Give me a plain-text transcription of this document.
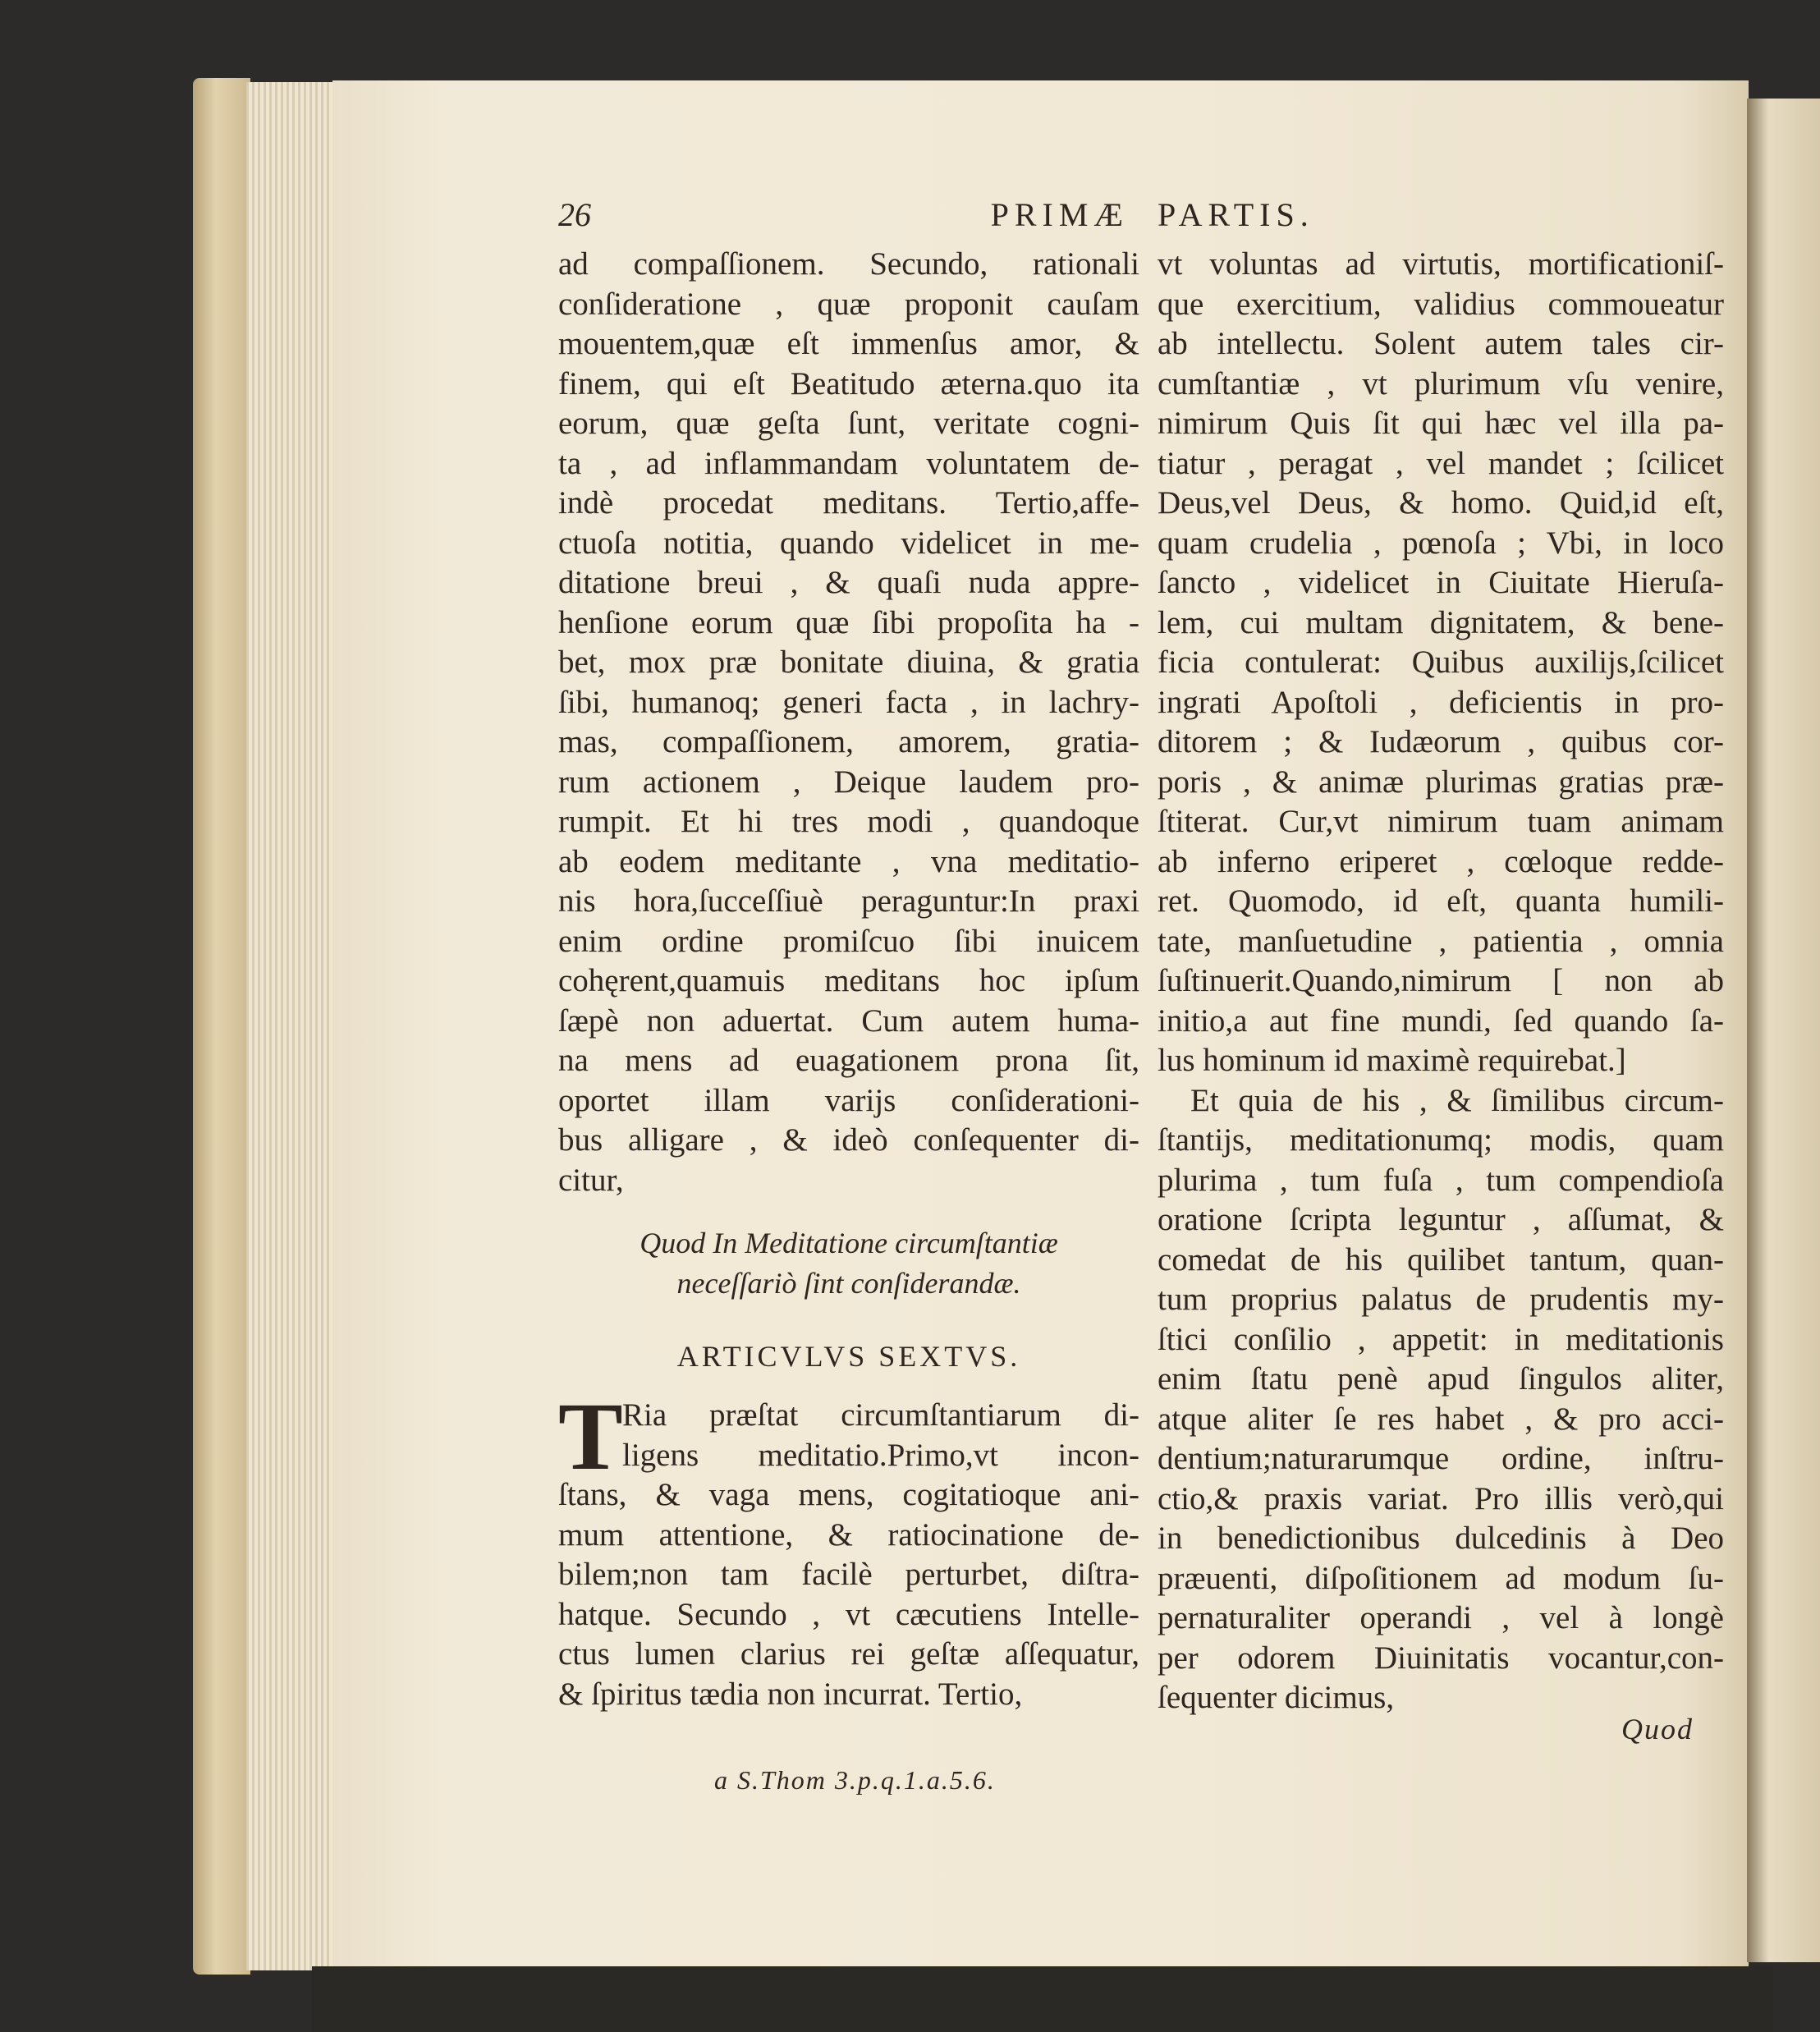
26	PRIMÆ PARTIS.
ad compaſſionem. Secundo, rationali
conſideratione , quæ proponit cauſam
mouentem,quæ eſt immenſus amor, &
finem, qui eſt Beatitudo æterna.quo ita
eorum, quæ geſta ſunt, veritate cogni-
ta , ad inflammandam voluntatem de-
indè procedat meditans. Tertio,affe-
ctuoſa notitia, quando videlicet in me-
ditatione breui , & quaſi nuda appre-
henſione eorum quæ ſibi propoſita ha -
bet, mox præ bonitate diuina, & gratia
ſibi, humanoq; generi facta , in lachry-
mas, compaſſionem, amorem, gratia-
rum actionem , Deique laudem pro-
rumpit. Et hi tres modi , quandoque
ab eodem meditante , vna meditatio-
nis hora,ſucceſſiuè peraguntur:In praxi
enim ordine promiſcuo ſibi inuicem
cohęrent,quamuis meditans hoc ipſum
ſæpè non aduertat. Cum autem huma-
na mens ad euagationem prona ſit,
oportet illam varijs conſiderationi-
bus alligare , & ideò conſequenter di-
citur,
Quod In Meditatione circumſtantiæ
neceſſariò ſint conſiderandæ.
ARTICVLVS SEXTVS.
T Ria præſtat circumſtantiarum di-
ligens meditatio.Primo,vt incon-
ſtans, & vaga mens, cogitatioque ani-
mum attentione, & ratiocinatione de-
bilem;non tam facilè perturbet, diſtra-
hatque. Secundo , vt cæcutiens Intelle-
ctus lumen clarius rei geſtæ aſſequatur,
& ſpiritus tædia non incurrat. Tertio,
a S.Thom 3.p.q.1.a.5.6.
vt voluntas ad virtutis, mortificationiſ-
que exercitium, validius commoueatur
ab intellectu. Solent autem tales cir-
cumſtantiæ , vt plurimum vſu venire,
nimirum Quis ſit qui hæc vel illa pa-
tiatur , peragat , vel mandet ; ſcilicet
Deus,vel Deus, & homo. Quid,id eſt,
quam crudelia , pœnoſa ; Vbi, in loco
ſancto , videlicet in Ciuitate Hieruſa-
lem, cui multam dignitatem, & bene-
ficia contulerat: Quibus auxilijs,ſcilicet
ingrati Apoſtoli , deficientis in pro-
ditorem ; & Iudæorum , quibus cor-
poris , & animæ plurimas gratias præ-
ſtiterat. Cur,vt nimirum tuam animam
ab inferno eriperet , cœloque redde-
ret. Quomodo, id eſt, quanta humili-
tate, manſuetudine , patientia , omnia
ſuſtinuerit.Quando,nimirum [ non ab
initio,a aut fine mundi, ſed quando ſa-
lus hominum id maximè requirebat.]
Et quia de his , & ſimilibus circum-
ſtantijs, meditationumq; modis, quam
plurima , tum fuſa , tum compendioſa
oratione ſcripta leguntur , aſſumat, &
comedat de his quilibet tantum, quan-
tum proprius palatus de prudentis my-
ſtici conſilio , appetit: in meditationis
enim ſtatu penè apud ſingulos aliter,
atque aliter ſe res habet , & pro acci-
dentium;naturarumque ordine, inſtru-
ctio,& praxis variat. Pro illis verò,qui
in benedictionibus dulcedinis à Deo
præuenti, diſpoſitionem ad modum ſu-
pernaturaliter operandi , vel à longè
per odorem Diuinitatis vocantur,con-
ſequenter dicimus,
Quod
